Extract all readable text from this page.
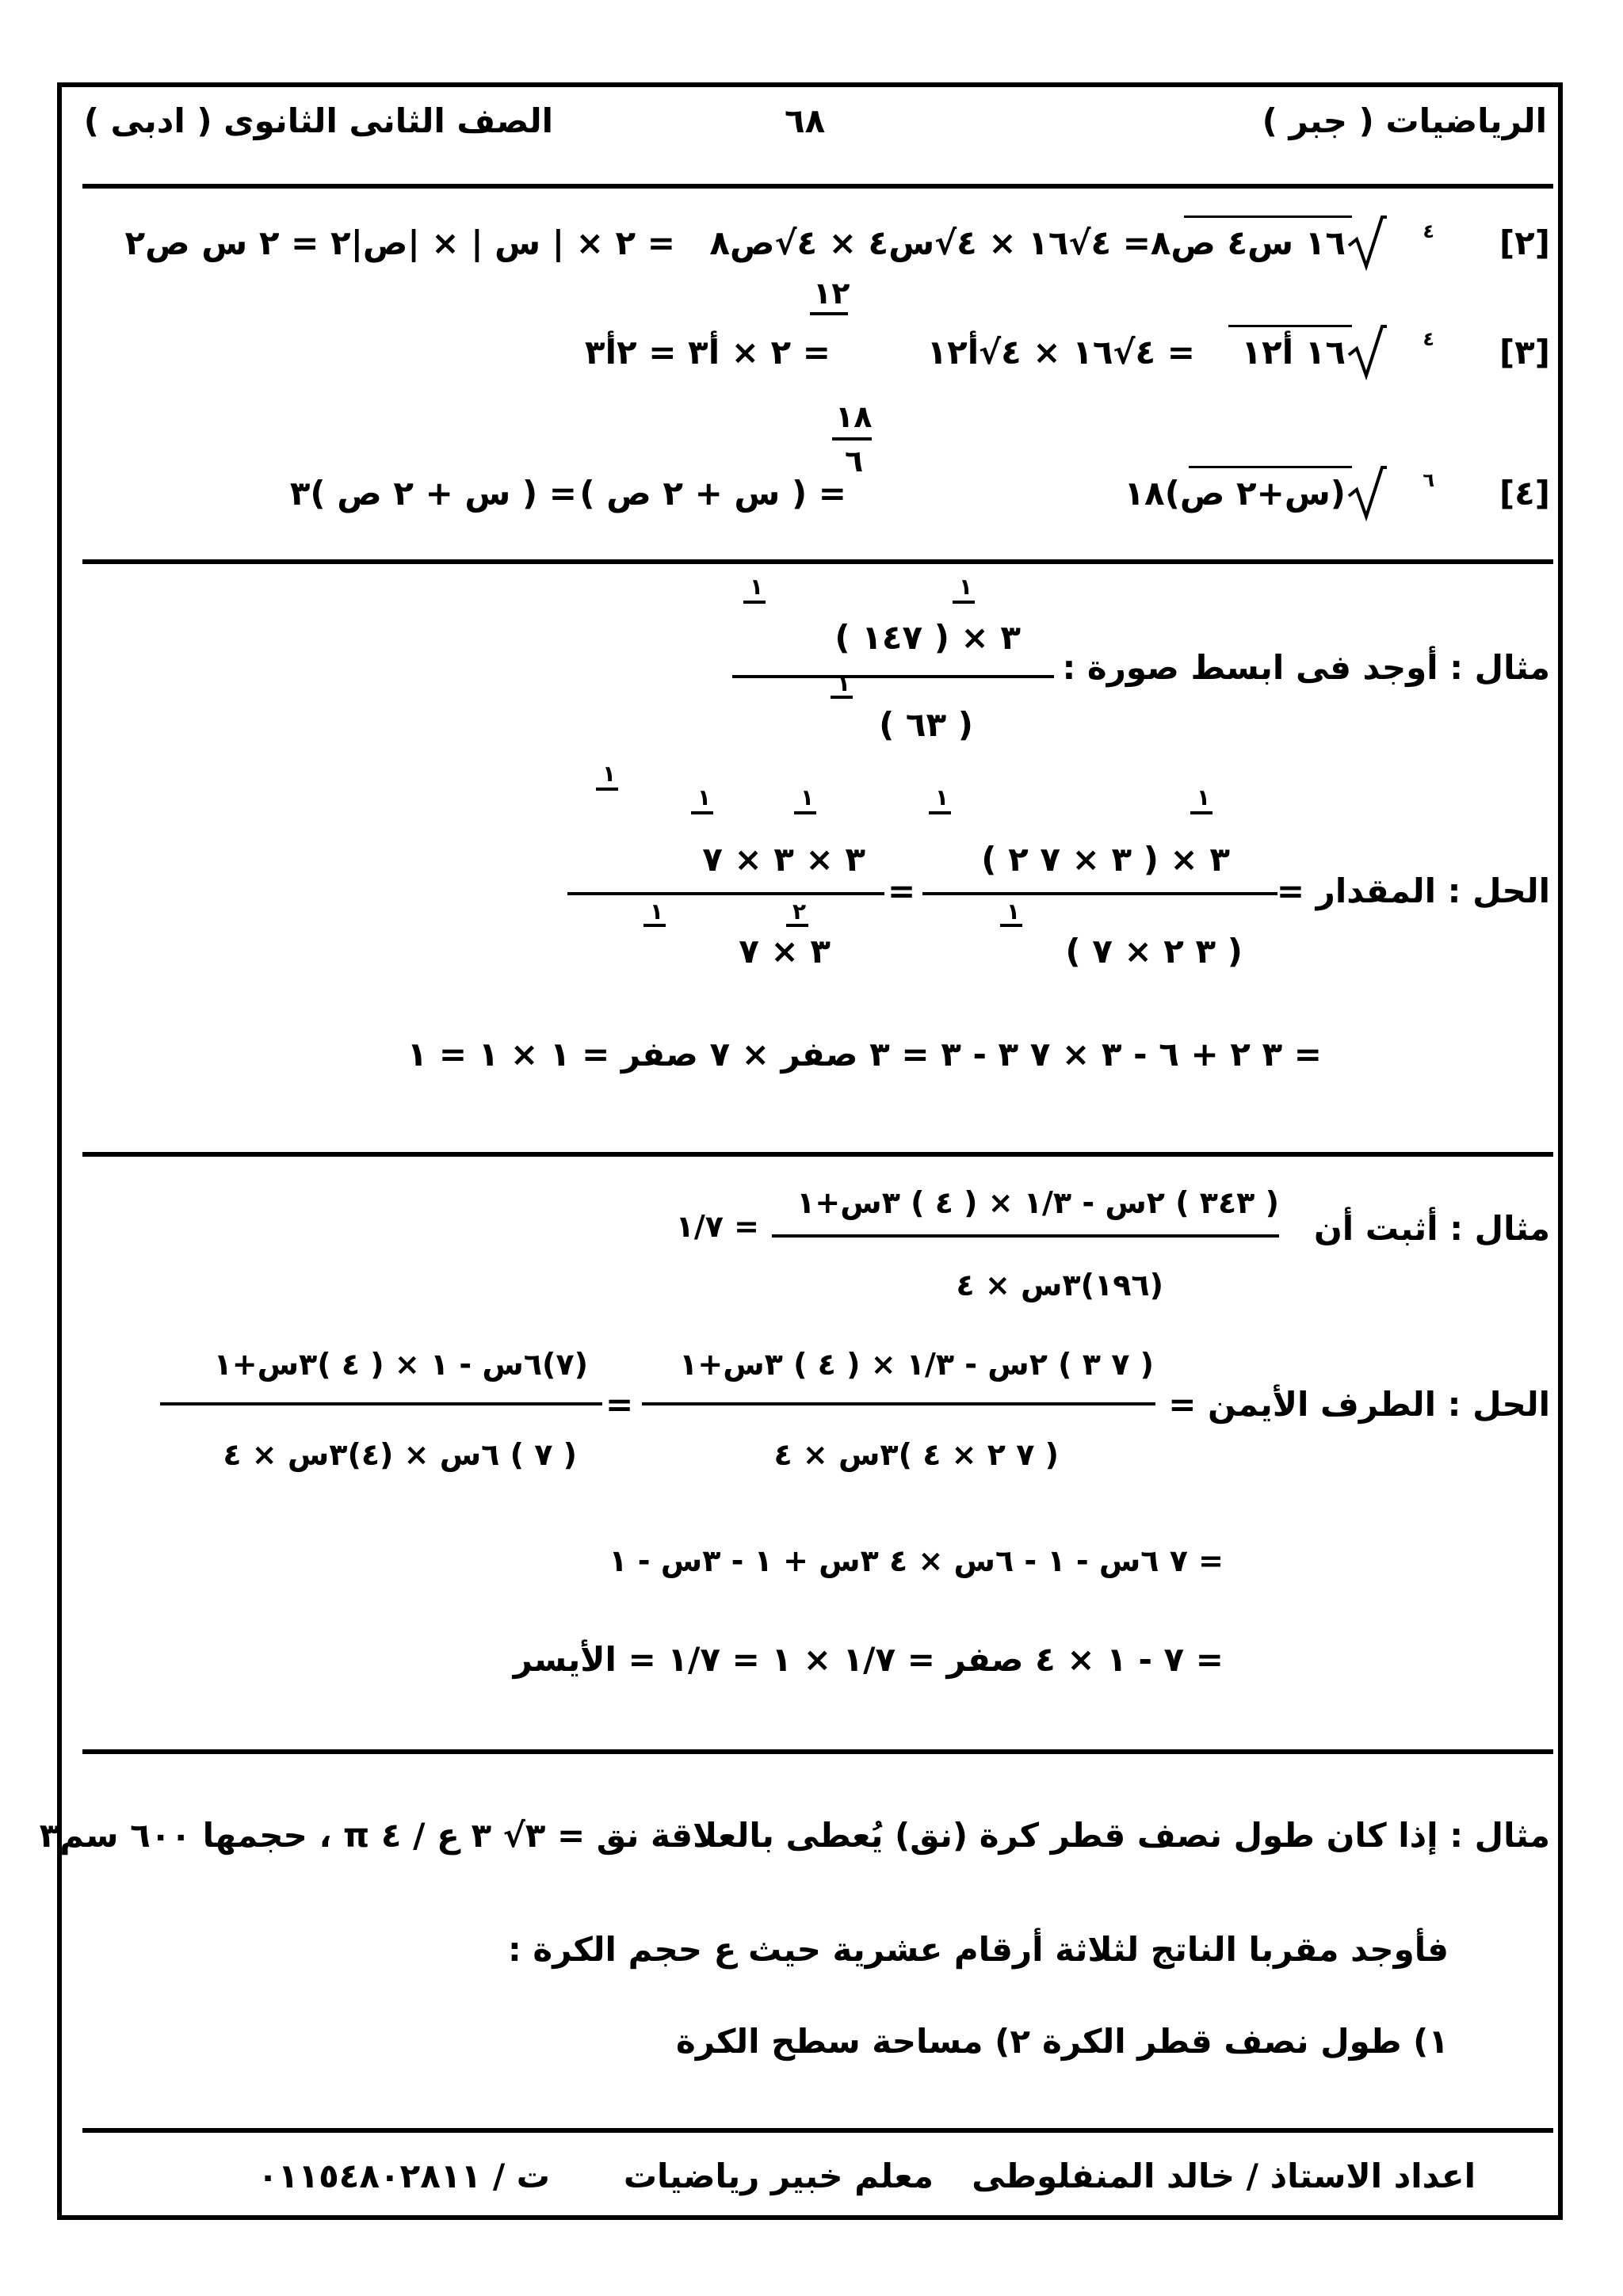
الرياضيات ( جبر )
٦٨
الصف الثانى الثانوى ( ادبى )
[٢]
٤
١٦ س٤ ص٨
= ٤√١٦ × ٤√س٤ × ٤√ص٨
= ٢ × | س | × |ص|٢ = ٢ س ص٢
[٣]
٤
١٦ ﺃ١٢
= ٤√١٦ × ٤√ﺃ١٢
١٢
= ٢ × ﺃ٣ = ٢ﺃ٣
[٤]
٦
(س+٢ ص)١٨
١٨
٦
= ( س + ٢ ص )
= ( س + ٢ ص )٣
مثال : أوجد فى ابسط صورة :
١	١
٣ × ( ١٤٧ )
١
( ٦٣ )
الحل : المقدار =
١
١
٣ × ( ٣ × ٧ ٢ )
١
( ٣ ٢ × ٧ )
=
١
١	١
٣ × ٣ × ٧
١	٢
٣ × ٧
= ٣ ٢ + ٦ - ٣ × ٧ ٣ - ٣ = ٣ صفر × ٧ صفر = ١ × ١ = ١
مثال : أثبت أن
( ٣٤٣ ) ٢س - ١/٣ × ( ٤ ) ٣س+١
(١٩٦)٣س × ٤
= ١/٧
الحل : الطرف الأيمن =
( ٧ ٣ ) ٢س - ١/٣ × ( ٤ ) ٣س+١
( ٧ ٢ × ٤ )٣س × ٤
=
(٧)٦س - ١ × ( ٤ )٣س+١
( ٧ ) ٦س × (٤)٣س × ٤
= ٧ ٦س - ١ - ٦س × ٤ ٣س + ١ - ٣س - ١
= ٧ - ١ × ٤ صفر = ١/٧ × ١ = ١/٧ = الأيسر
مثال : إذا كان طول نصف قطر كرة (نق) يُعطى بالعلاقة نق = ٣√ ٣ ع / ٤ π ، حجمها ٦٠٠ سم٣
فأوجد مقربا الناتج لثلاثة أرقام عشرية حيث ع حجم الكرة :
١) طول نصف قطر الكرة
٢) مساحة سطح الكرة
اعداد الاستاذ / خالد المنفلوطى
معلم خبير رياضيات
ت / ٠١١٥٤٨٠٢٨١١
